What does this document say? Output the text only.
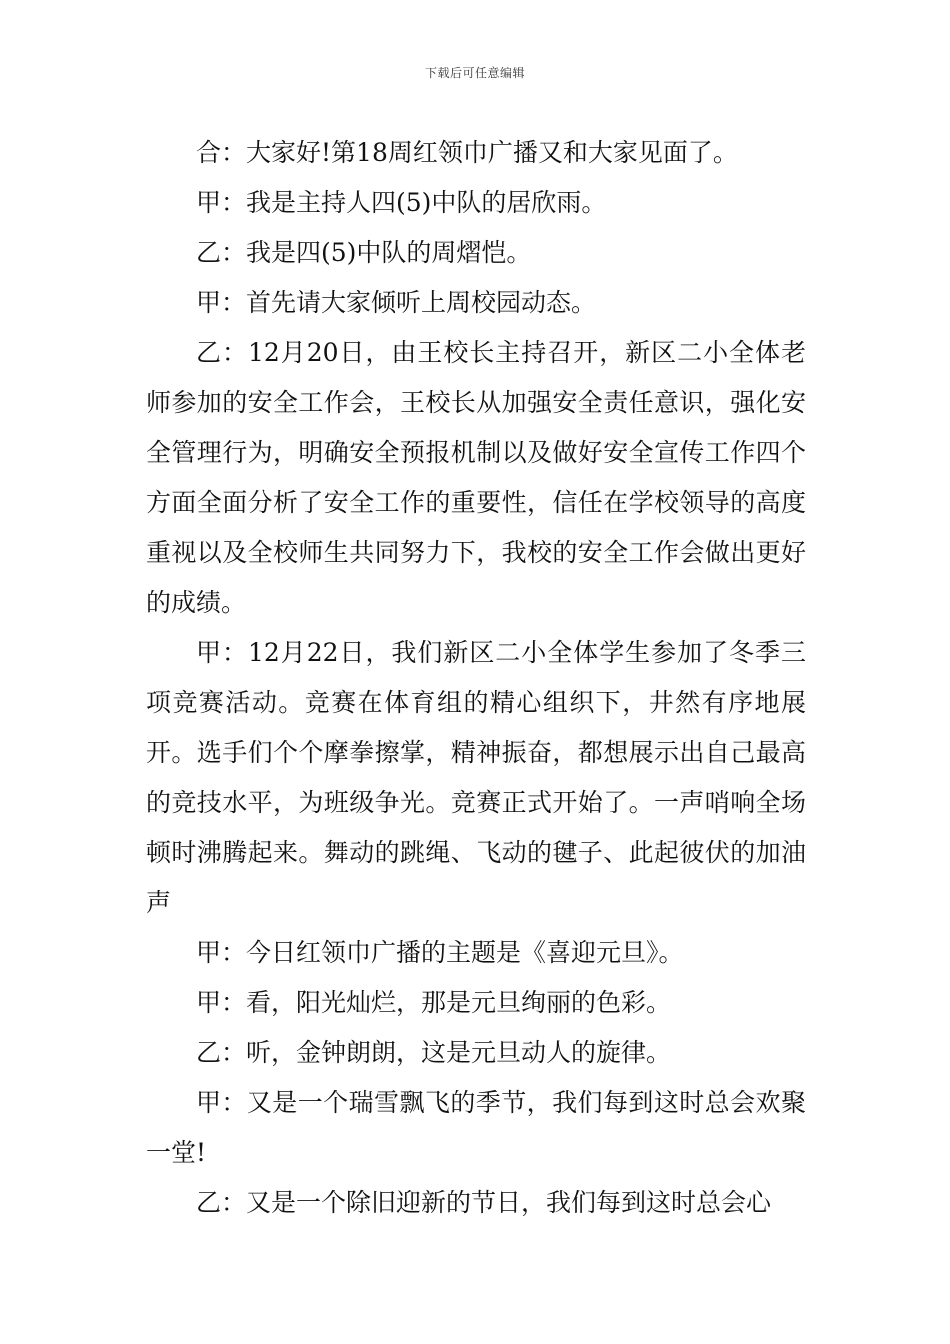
下载后可任意编辑

合：大家好!第18周红领巾广播又和大家见面了。

甲：我是主持人四(5)中队的居欣雨。

乙：我是四(5)中队的周熠恺。

甲：首先请大家倾听上周校园动态。

乙：12月20日，由王校长主持召开，新区二小全体老师参加的安全工作会，王校长从加强安全责任意识，强化安全管理行为，明确安全预报机制以及做好安全宣传工作四个方面全面分析了安全工作的重要性，信任在学校领导的高度重视以及全校师生共同努力下，我校的安全工作会做出更好的成绩。

甲：12月22日，我们新区二小全体学生参加了冬季三项竞赛活动。竞赛在体育组的精心组织下，井然有序地展开。选手们个个摩拳擦掌，精神振奋，都想展示出自己最高的竞技水平，为班级争光。竞赛正式开始了。一声哨响全场顿时沸腾起来。舞动的跳绳、飞动的毽子、此起彼伏的加油声

甲：今日红领巾广播的主题是《喜迎元旦》。

甲：看，阳光灿烂，那是元旦绚丽的色彩。

乙：听，金钟朗朗，这是元旦动人的旋律。

甲：又是一个瑞雪飘飞的季节，我们每到这时总会欢聚一堂!

乙：又是一个除旧迎新的节日，我们每到这时总会心
